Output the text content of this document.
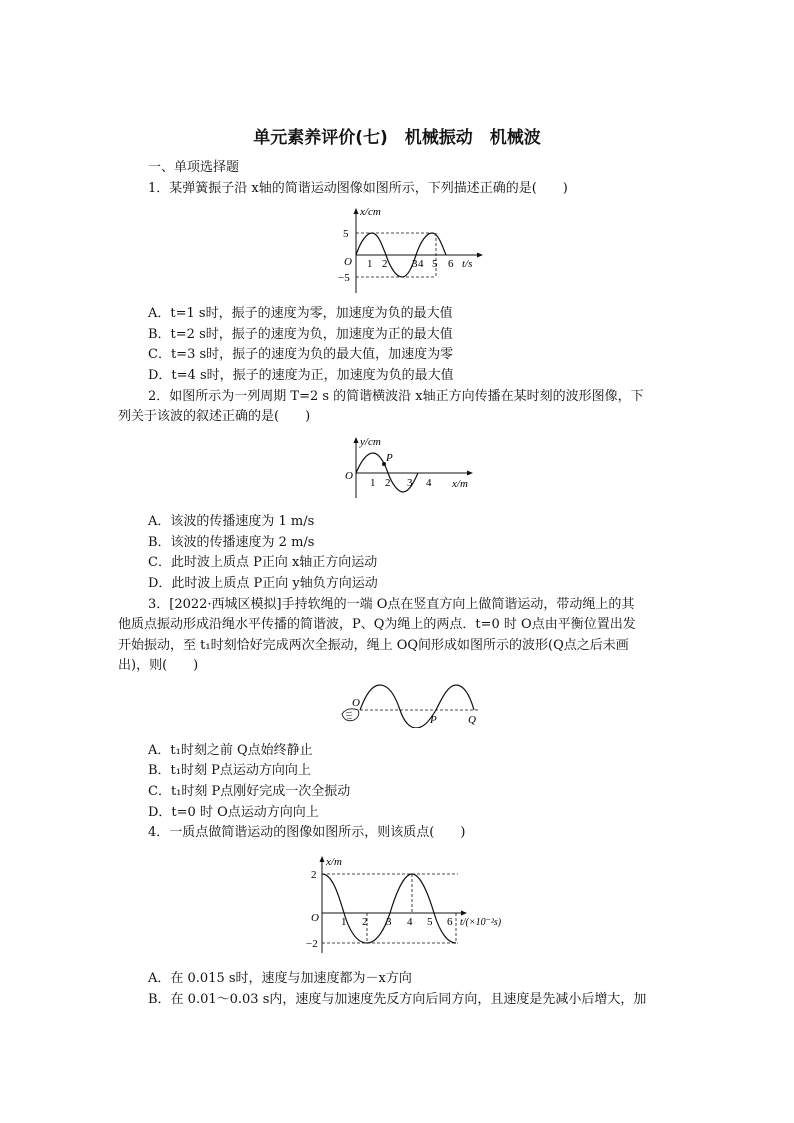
单元素养评价(七)　机械振动　机械波
一、单项选择题
1．某弹簧振子沿 x轴的简谐运动图像如图所示，下列描述正确的是(　　)
x/cm
5
−5
O 1 2 3 4 5 6 t/s
A．t=1 s时，振子的速度为零，加速度为负的最大值
B．t=2 s时，振子的速度为负，加速度为正的最大值
C．t=3 s时，振子的速度为负的最大值，加速度为零
D．t=4 s时，振子的速度为正，加速度为负的最大值
2．如图所示为一列周期 T=2 s 的简谐横波沿 x轴正方向传播在某时刻的波形图像，下
列关于该波的叙述正确的是(　　)
y/cm
P
O
1 2 3 4 x/m
A．该波的传播速度为 1 m/s
B．该波的传播速度为 2 m/s
C．此时波上质点 P正向 x轴正方向运动
D．此时波上质点 P正向 y轴负方向运动
3．[2022·西城区模拟]手持软绳的一端 O点在竖直方向上做简谐运动，带动绳上的其
他质点振动形成沿绳水平传播的简谐波，P、Q为绳上的两点．t=0 时 O点由平衡位置出发
开始振动，至 t₁时刻恰好完成两次全振动，绳上 OQ间形成如图所示的波形(Q点之后未画
出)，则(　　)
O
P	Q
A．t₁时刻之前 Q点始终静止
B．t₁时刻 P点运动方向向上
C．t₁时刻 P点刚好完成一次全振动
D．t=0 时 O点运动方向向上
4．一质点做简谐运动的图像如图所示，则该质点(　　)
x/m
2
−2
O 1 2 3 4 5 6 t/(×10⁻²s)
A．在 0.015 s时，速度与加速度都为－x方向
B．在 0.01～0.03 s内，速度与加速度先反方向后同方向，且速度是先减小后增大，加
